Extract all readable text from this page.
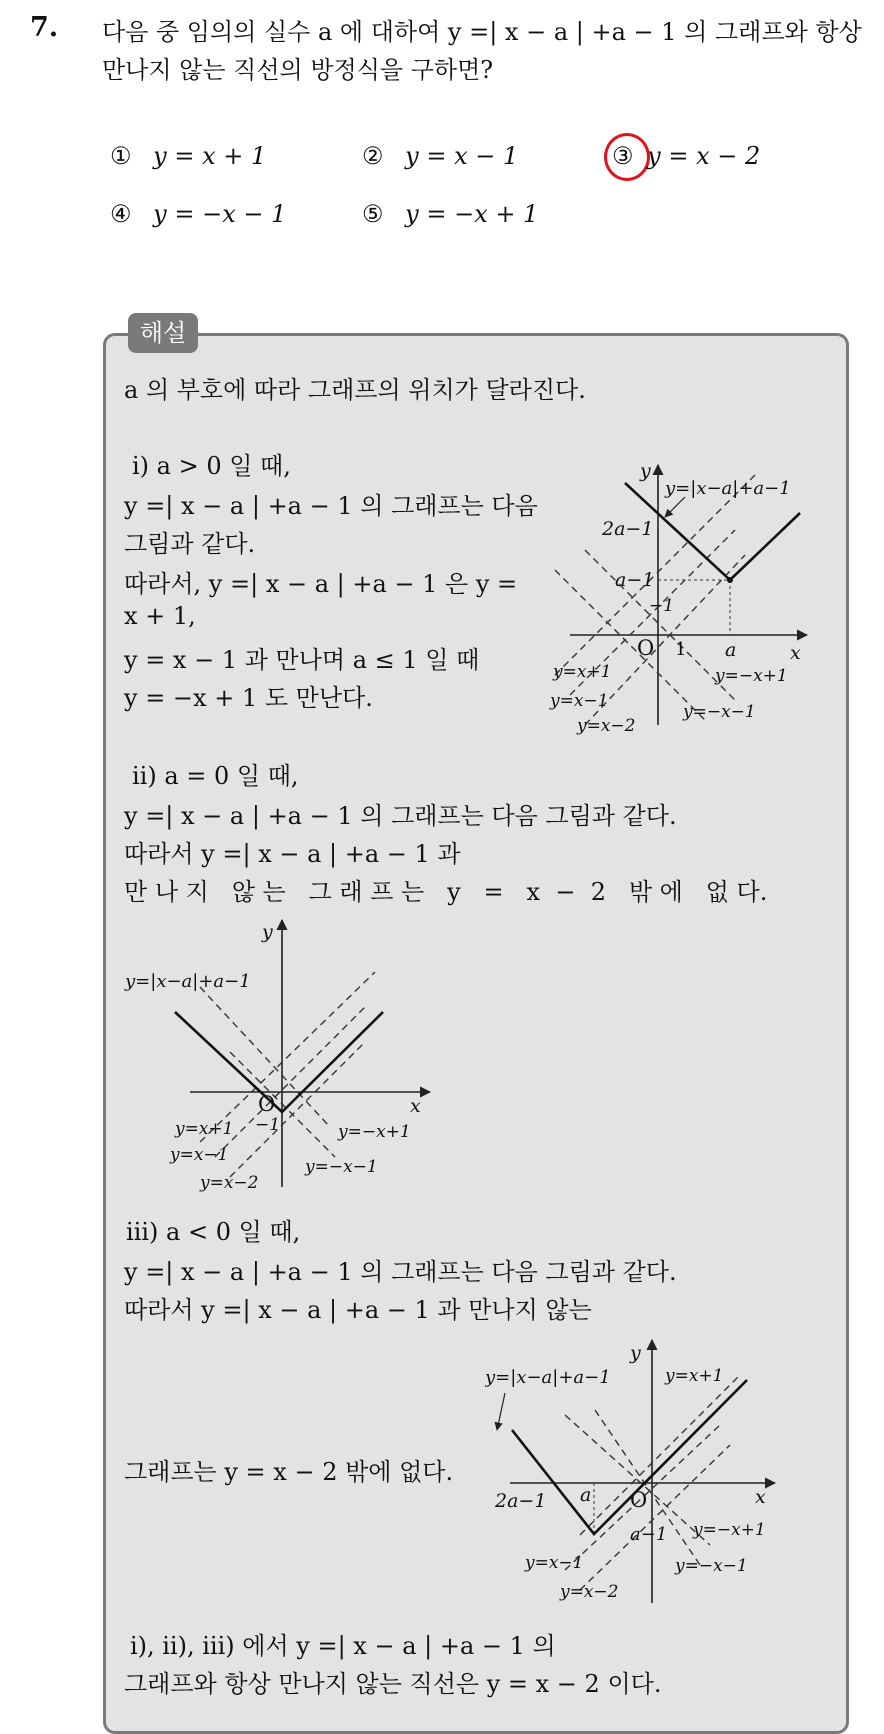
7. 다음 중 임의의 실수 a 에 대하여 y =| x − a | +a − 1 의 그래프와 항상
만나지 않는 직선의 방정식을 구하면?
① y = x + 1	② y = x − 1	③ y = x − 2
④ y = −x − 1	⑤ y = −x + 1
해설
a 의 부호에 따라 그래프의 위치가 달라진다.
ⅰ) a > 0 일 때,
y =| x − a | +a − 1 의 그래프는 다음
그림과 같다.
따라서, y =| x − a | +a − 1 은 y =
x + 1,
y = x − 1 과 만나며 a ≤ 1 일 때
y = −x + 1 도 만난다.
y
x
y=|x−a|+a−1
2a−1
a−1
−1
O 1 a
y=x+1
y=x−1
y=x−2
y=−x+1
y=−x−1
ⅱ) a = 0 일 때,
y =| x − a | +a − 1 의 그래프는 다음 그림과 같다.
따라서 y =| x − a | +a − 1 과
만 나 지   않 는   그 래 프 는   y   =   x  −  2   밖 에   없 다.
y
x
y=|x−a|+a−1
O
−1
y=x+1
y=x−1
y=x−2
y=−x+1
y=−x−1
ⅲ) a < 0 일 때,
y =| x − a | +a − 1 의 그래프는 다음 그림과 같다.
따라서 y =| x − a | +a − 1 과 만나지 않는
그래프는 y = x − 2 밖에 없다.
y
x
y=|x−a|+a−1	y=x+1
2a−1 a O
a−1 y=−x+1
y=x−1	y=−x−1
y=x−2
ⅰ), ⅱ), ⅲ) 에서 y =| x − a | +a − 1 의
그래프와 항상 만나지 않는 직선은 y = x − 2 이다.
